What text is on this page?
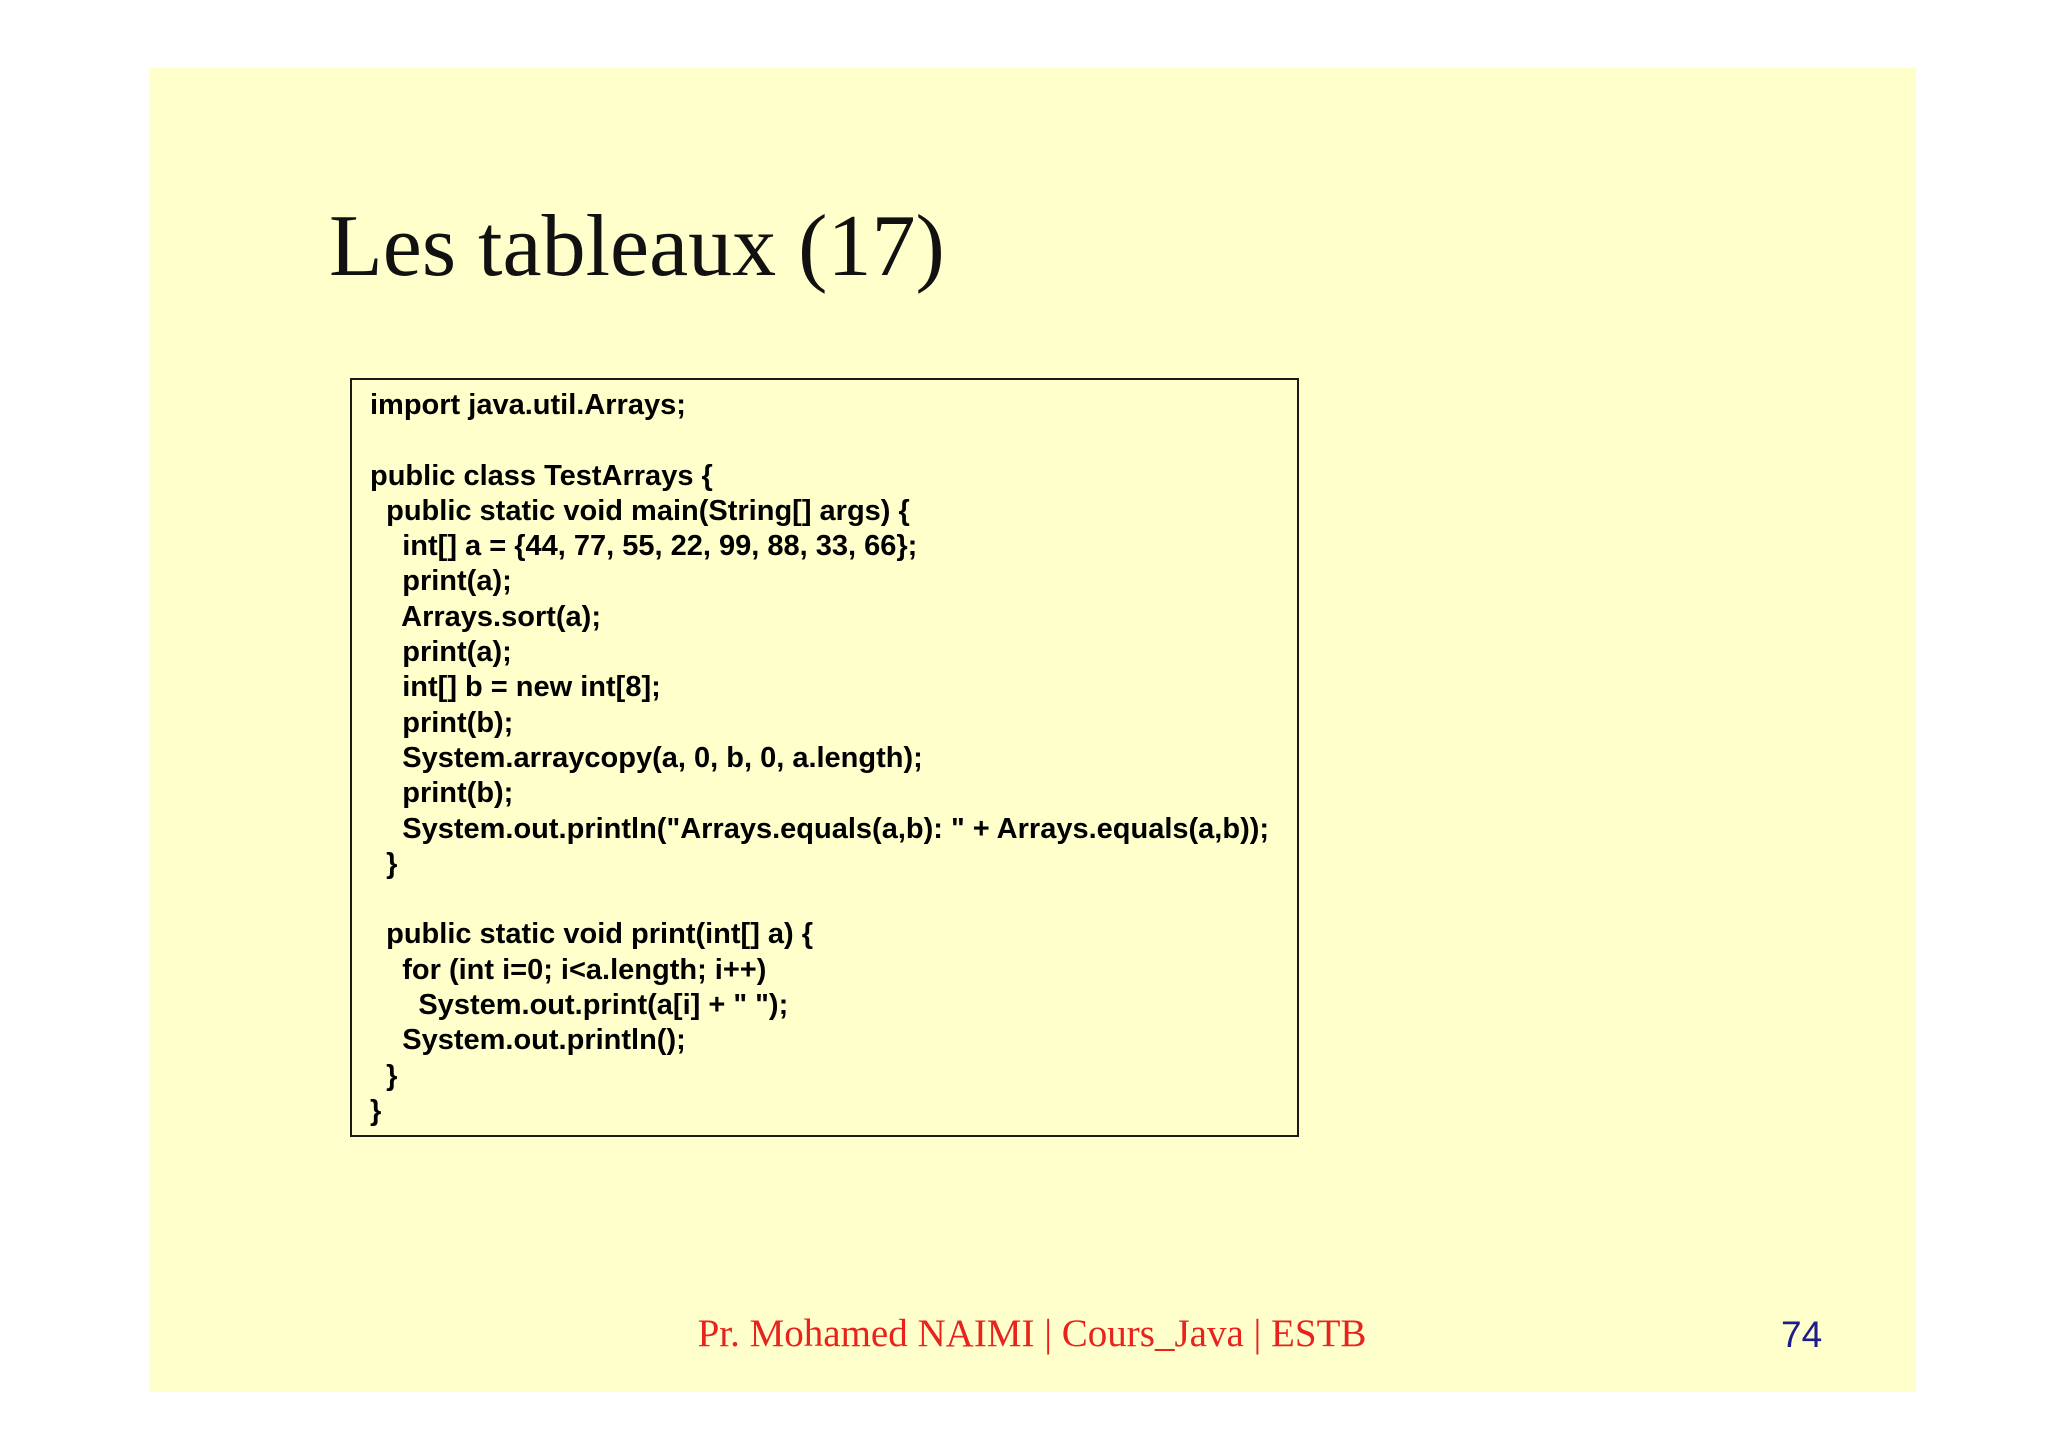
Les tableaux (17)
import java.util.Arrays;
public class TestArrays {
public static void main(String[] args) {
int[] a = {44, 77, 55, 22, 99, 88, 33, 66};
print(a);
Arrays.sort(a);
print(a);
int[] b = new int[8];
print(b);
System.arraycopy(a, 0, b, 0, a.length);
print(b);
System.out.println("Arrays.equals(a,b): " + Arrays.equals(a,b));
}
public static void print(int[] a) {
for (int i=0; i<a.length; i++)
System.out.print(a[i] + " ");
System.out.println();
}
}
Pr. Mohamed NAIMI | Cours_Java | ESTB	74
